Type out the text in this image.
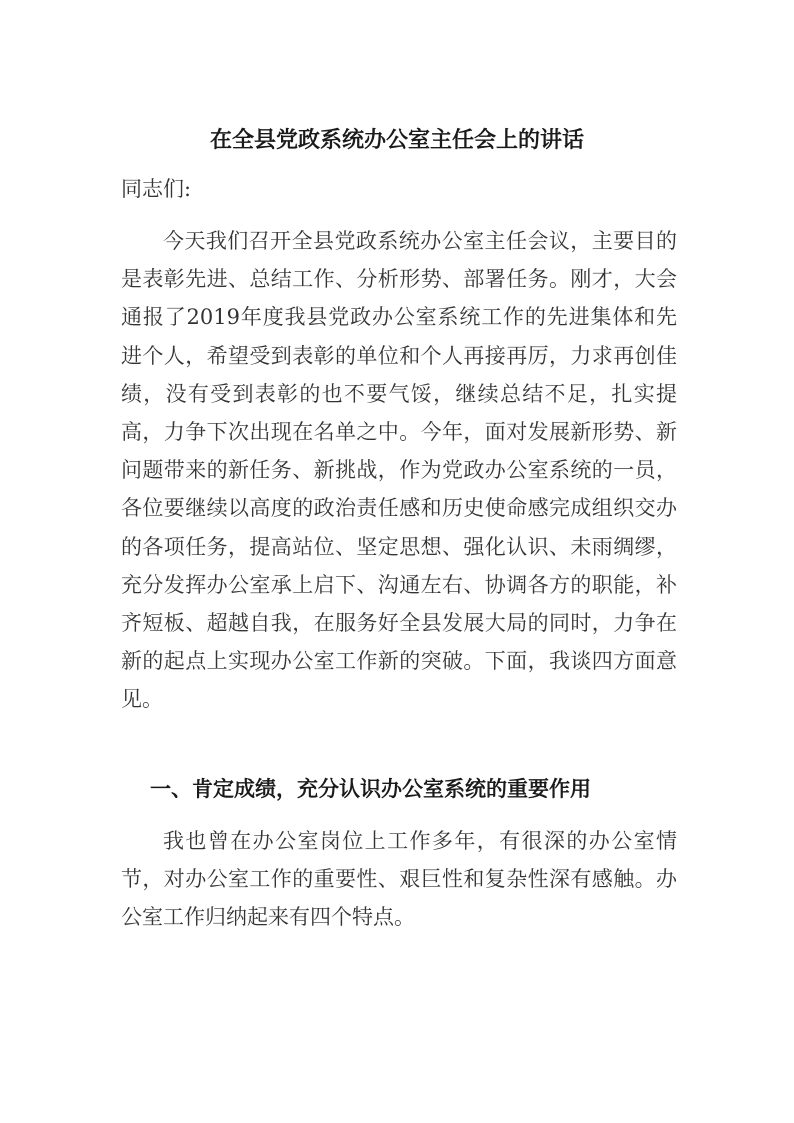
在全县党政系统办公室主任会上的讲话

同志们:

今天我们召开全县党政系统办公室主任会议，主要目的是表彰先进、总结工作、分析形势、部署任务。刚才，大会通报了2019年度我县党政办公室系统工作的先进集体和先进个人，希望受到表彰的单位和个人再接再厉，力求再创佳绩，没有受到表彰的也不要气馁，继续总结不足，扎实提高，力争下次出现在名单之中。今年，面对发展新形势、新问题带来的新任务、新挑战，作为党政办公室系统的一员，各位要继续以高度的政治责任感和历史使命感完成组织交办的各项任务，提高站位、坚定思想、强化认识、未雨绸缪，充分发挥办公室承上启下、沟通左右、协调各方的职能，补齐短板、超越自我，在服务好全县发展大局的同时，力争在新的起点上实现办公室工作新的突破。下面，我谈四方面意见。

一、肯定成绩，充分认识办公室系统的重要作用

我也曾在办公室岗位上工作多年，有很深的办公室情节，对办公室工作的重要性、艰巨性和复杂性深有感触。办公室工作归纳起来有四个特点。
